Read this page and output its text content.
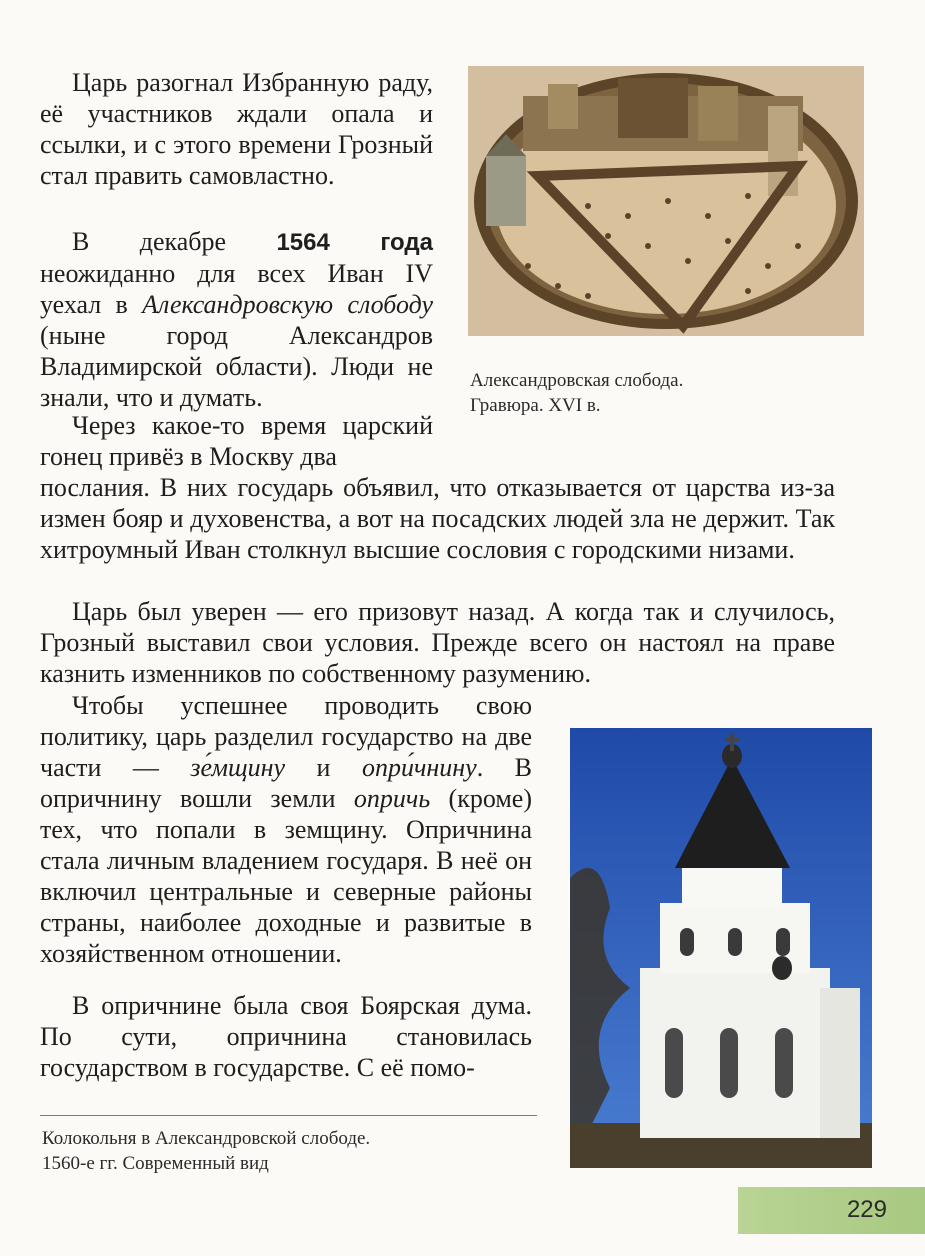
Царь разогнал Избранную раду, её участников ждали опала и ссылки, и с этого времени Грозный стал править самовластно.

В декабре 1564 года неожиданно для всех Иван IV уехал в Александровскую слободу (ныне город Александров Владимирской области). Люди не знали, что и думать.

Через какое-то время царский гонец привёз в Москву два

послания. В них государь объявил, что отказывается от царства из-за измен бояр и духовенства, а вот на посадских людей зла не держит. Так хитроумный Иван столкнул высшие сословия с городскими низами.

Царь был уверен — его призовут назад. А когда так и случилось, Грозный выставил свои условия. Прежде всего он настоял на праве казнить изменников по собственному разумению.

Чтобы успешнее проводить свою политику, царь разделил государство на две части — зе́мщину и опри́чнину. В опричнину вошли земли опричь (кроме) тех, что попали в земщину. Опричнина стала личным владением государя. В неё он включил центральные и северные районы страны, наиболее доходные и развитые в хозяйственном отношении.

В опричнине была своя Боярская дума. По сути, опричнина становилась государством в государстве. С её помо-

Александровская слобода.
Гравюра. XVI в.
Колокольня в Александровской слободе.
1560-е гг. Современный вид
229
